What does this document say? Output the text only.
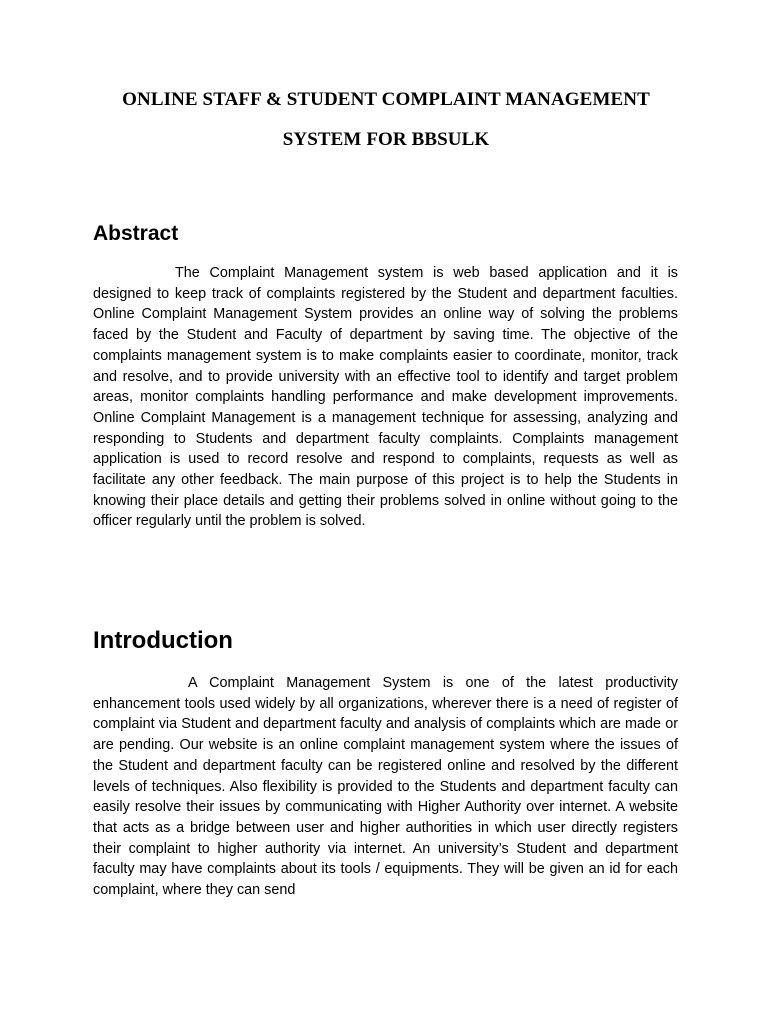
ONLINE STAFF & STUDENT COMPLAINT MANAGEMENT
SYSTEM FOR BBSULK
Abstract
The Complaint Management system is web based application and it is designed to keep track of complaints registered by the Student and department faculties. Online Complaint Management System provides an online way of solving the problems faced by the Student and Faculty of department by saving time. The objective of the complaints management system is to make complaints easier to coordinate, monitor, track and resolve, and to provide university with an effective tool to identify and target problem areas, monitor complaints handling performance and make development improvements. Online Complaint Management is a management technique for assessing, analyzing and responding to Students and department faculty complaints. Complaints management application is used to record resolve and respond to complaints, requests as well as facilitate any other feedback. The main purpose of this project is to help the Students in knowing their place details and getting their problems solved in online without going to the officer regularly until the problem is solved.
Introduction
A Complaint Management System is one of the latest productivity enhancement tools used widely by all organizations, wherever there is a need of register of complaint via Student and department faculty and analysis of complaints which are made or are pending. Our website is an online complaint management system where the issues of the Student and department faculty can be registered online and resolved by the different levels of techniques. Also flexibility is provided to the Students and department faculty can easily resolve their issues by communicating with Higher Authority over internet. A website that acts as a bridge between user and higher authorities in which user directly registers their complaint to higher authority via internet. An university’s Student and department faculty may have complaints about its tools / equipments. They will be given an id for each complaint, where they can send
